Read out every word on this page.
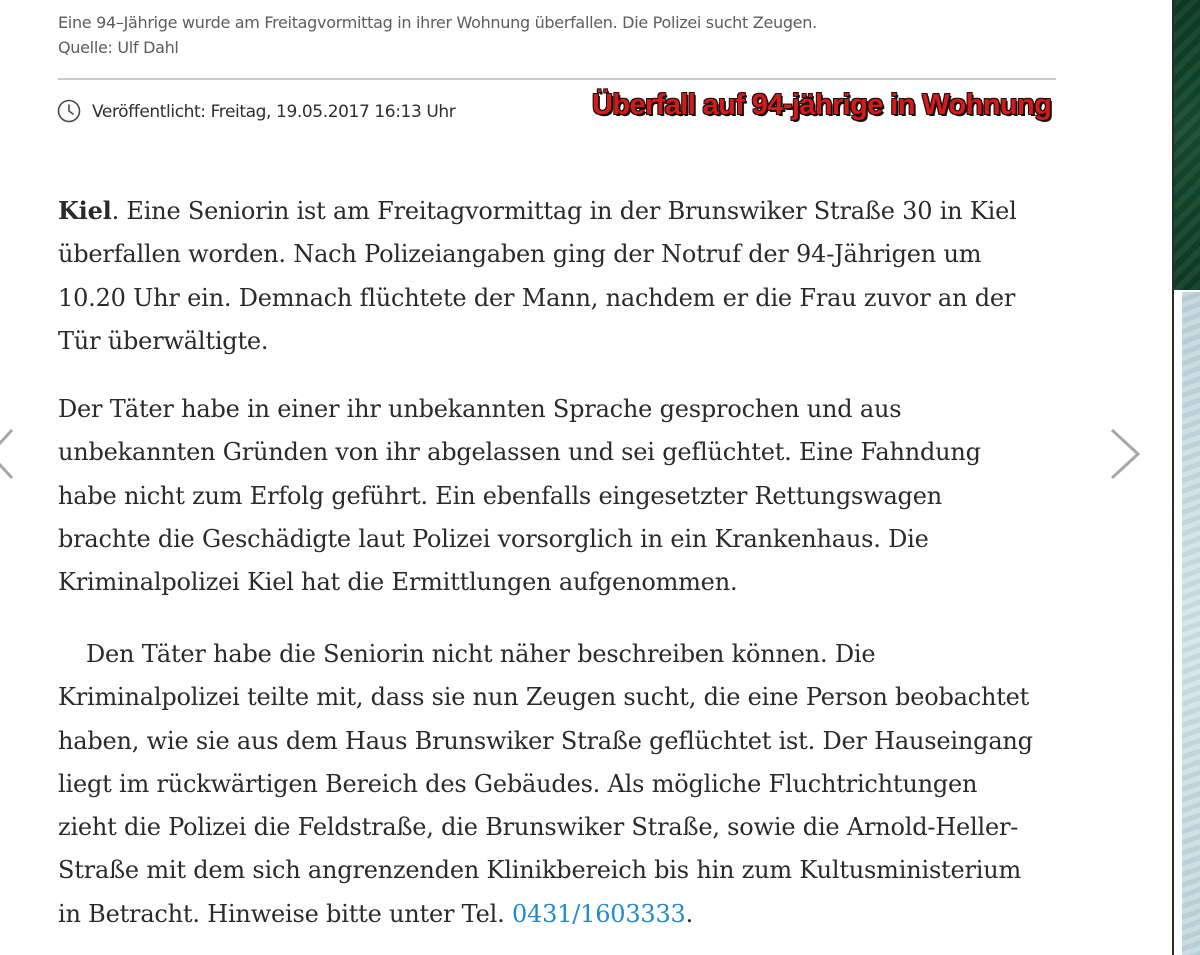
Eine 94–Jährige wurde am Freitagvormittag in ihrer Wohnung überfallen. Die Polizei sucht Zeugen.
Quelle: Ulf Dahl
Veröffentlicht: Freitag, 19.05.2017 16:13 Uhr	Überfall auf 94-jährige in Wohnung

Kiel. Eine Seniorin ist am Freitagvormittag in der Brunswiker Straße 30 in Kiel
überfallen worden. Nach Polizeiangaben ging der Notruf der 94-Jährigen um
10.20 Uhr ein. Demnach flüchtete der Mann, nachdem er die Frau zuvor an der
Tür überwältigte.

Der Täter habe in einer ihr unbekannten Sprache gesprochen und aus
unbekannten Gründen von ihr abgelassen und sei geflüchtet. Eine Fahndung
habe nicht zum Erfolg geführt. Ein ebenfalls eingesetzter Rettungswagen
brachte die Geschädigte laut Polizei vorsorglich in ein Krankenhaus. Die
Kriminalpolizei Kiel hat die Ermittlungen aufgenommen.

Den Täter habe die Seniorin nicht näher beschreiben können. Die
Kriminalpolizei teilte mit, dass sie nun Zeugen sucht, die eine Person beobachtet
haben, wie sie aus dem Haus Brunswiker Straße geflüchtet ist. Der Hauseingang
liegt im rückwärtigen Bereich des Gebäudes. Als mögliche Fluchtrichtungen
zieht die Polizei die Feldstraße, die Brunswiker Straße, sowie die Arnold-Heller-
Straße mit dem sich angrenzenden Klinikbereich bis hin zum Kultusministerium
in Betracht. Hinweise bitte unter Tel. 0431/1603333.
